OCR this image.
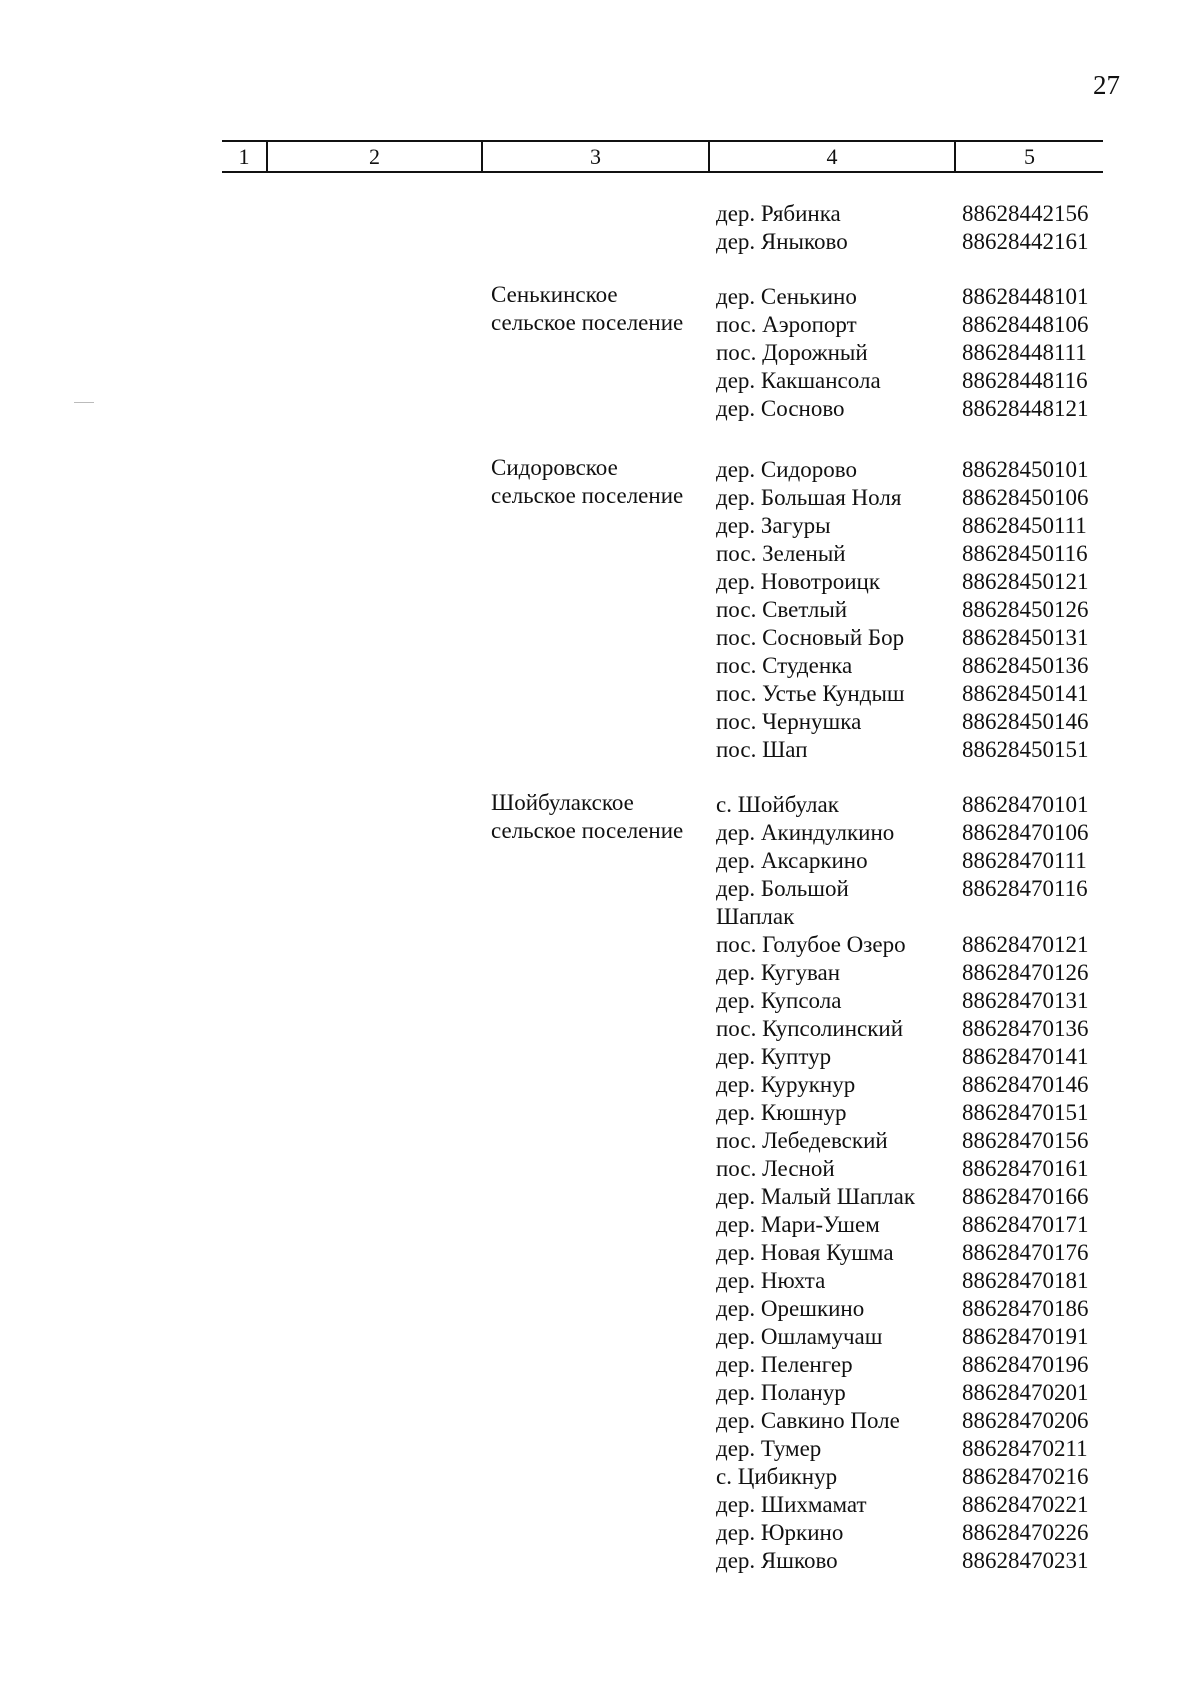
27
1	2	3	4	5
дер. Рябинка	88628442156
дер. Яныково	88628442161
Сенькинское
сельское поселение
дер. Сенькино	88628448101
пос. Аэропорт	88628448106
пос. Дорожный	88628448111
дер. Какшансола	88628448116
дер. Сосново	88628448121
Сидоровское
сельское поселение
дер. Сидорово	88628450101
дер. Большая Ноля	88628450106
дер. Загуры	88628450111
пос. Зеленый	88628450116
дер. Новотроицк	88628450121
пос. Светлый	88628450126
пос. Сосновый Бор	88628450131
пос. Студенка	88628450136
пос. Устье Кундыш 88628450141
пос. Чернушка	88628450146
пос. Шап	88628450151
Шойбулакское
сельское поселение
с. Шойбулак	88628470101
дер. Акиндулкино	88628470106
дер. Аксаркино	88628470111
дер. Большой	88628470116
Шаплак
пос. Голубое Озеро 88628470121
дер. Кугуван	88628470126
дер. Купсола	88628470131
пос. Купсолинский	88628470136
дер. Куптур	88628470141
дер. Курукнур	88628470146
дер. Кюшнур	88628470151
пос. Лебедевский	88628470156
пос. Лесной	88628470161
дер. Малый Шаплак 88628470166
дер. Мари-Ушем	88628470171
дер. Новая Кушма	88628470176
дер. Нюхта	88628470181
дер. Орешкино	88628470186
дер. Ошламучаш	88628470191
дер. Пеленгер	88628470196
дер. Поланур	88628470201
дер. Савкино Поле	88628470206
дер. Тумер	88628470211
с. Цибикнур	88628470216
дер. Шихмамат	88628470221
дер. Юркино	88628470226
дер. Яшково	88628470231
